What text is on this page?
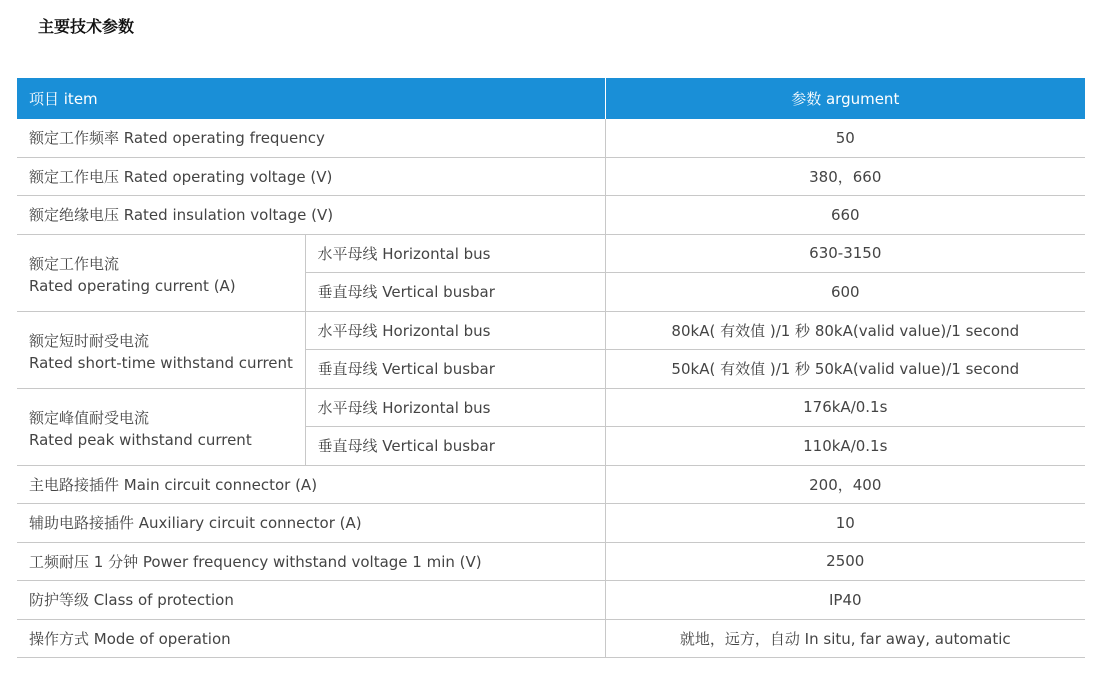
主要技术参数
项目 item		参数 argument
额定工作频率 Rated operating frequency		50
额定工作电压 Rated operating voltage (V)		380，660
额定绝缘电压 Rated insulation voltage (V)		660

额定工作电流
Rated operating current (A)	水平母线 Horizontal bus	630-3150
	垂直母线 Vertical busbar	600

额定短时耐受电流
Rated short-time withstand current	水平母线 Horizontal bus	80kA( 有效值 )/1 秒 80kA(valid value)/1 second
	垂直母线 Vertical busbar	50kA( 有效值 )/1 秒 50kA(valid value)/1 second

额定峰值耐受电流
Rated peak withstand current	水平母线 Horizontal bus	176kA/0.1s
	垂直母线 Vertical busbar	110kA/0.1s
主电路接插件 Main circuit connector (A)		200，400
辅助电路接插件 Auxiliary circuit connector (A)		10
工频耐压 1 分钟 Power frequency withstand voltage 1 min (V)		2500
防护等级 Class of protection		IP40
操作方式 Mode of operation		就地，远方，自动 In situ, far away, automatic
